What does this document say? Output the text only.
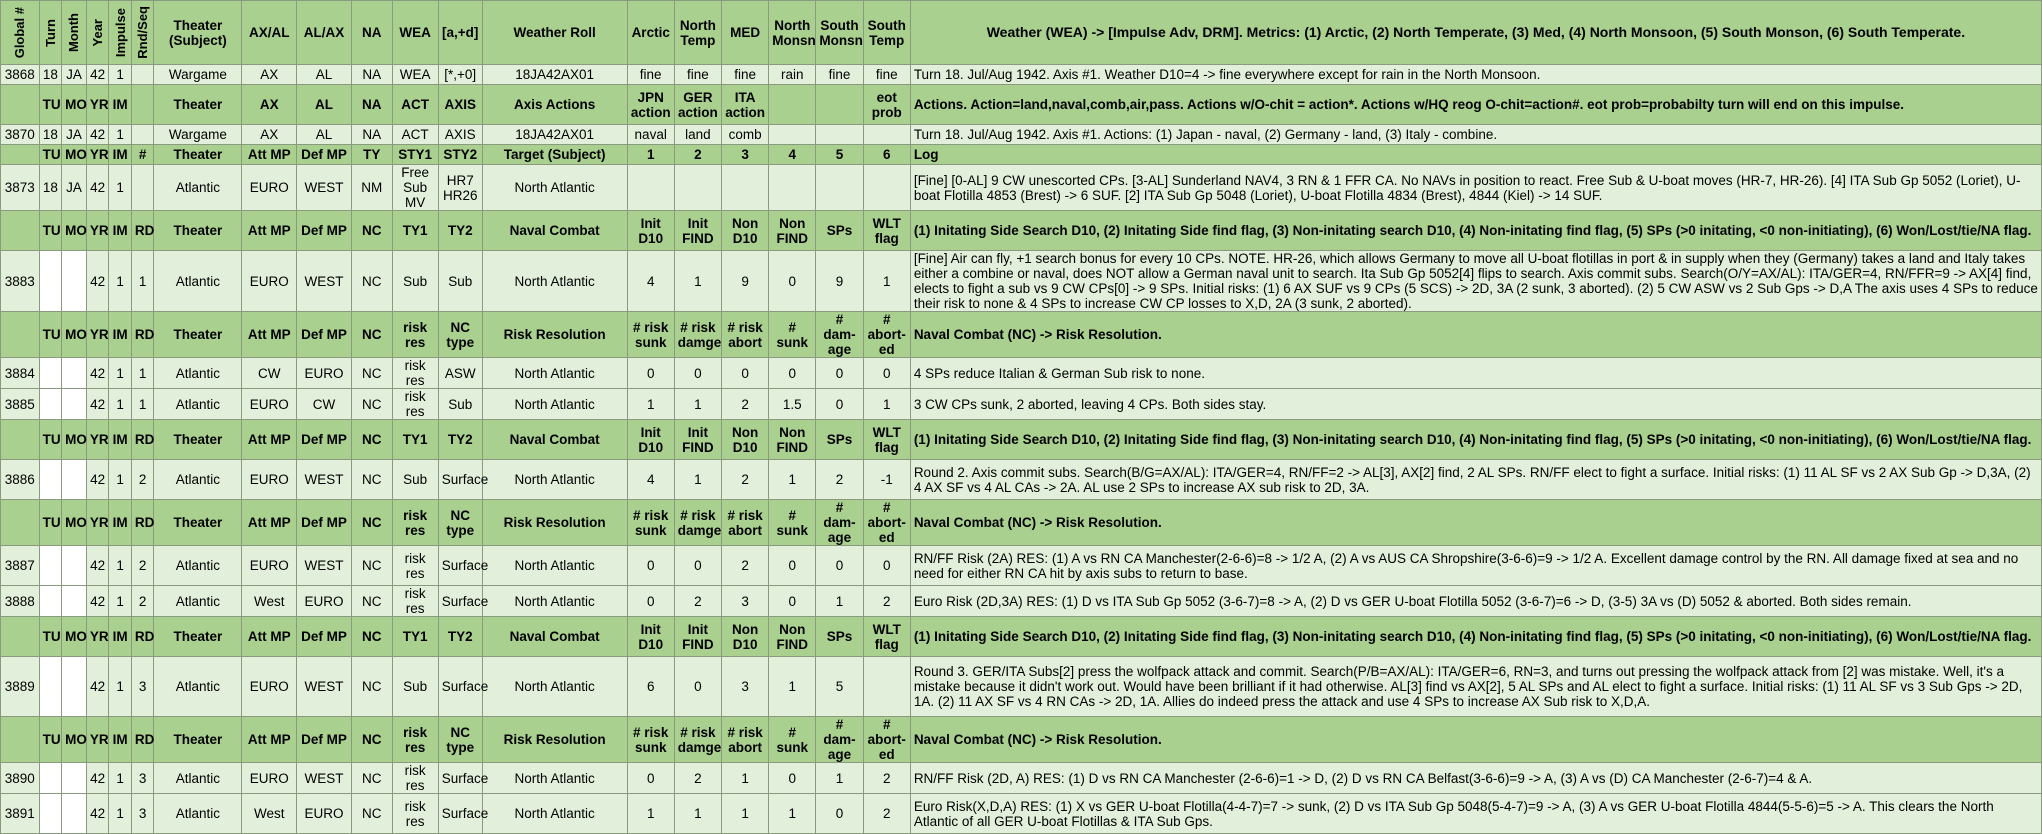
Global #	Turn	Month	Year	Impulse	Rnd/Seq	Theater (Subject)	AX/AL	AL/AX	NA	WEA	[a,+d]	Weather Roll	Arctic	North Temp	MED	North Monsn	South Monsn	South Temp	Weather (WEA) -> [Impulse Adv, DRM]. Metrics: (1) Arctic, (2) North Temperate, (3) Med, (4) North Monsoon, (5) South Monson, (6) South Temperate.
3868	18	JA	42	1		Wargame	AX	AL	NA	WEA	[*,+0]	18JA42AX01	fine	fine	fine	rain	fine	fine	Turn 18. Jul/Aug 1942. Axis #1. Weather D10=4 -> fine everywhere except for rain in the North Monsoon.
	TU	MO	YR	IM		Theater	AX	AL	NA	ACT	AXIS	Axis Actions	JPN action	GER action	ITA action			eot prob	Actions. Action=land,naval,comb,air,pass. Actions w/O-chit = action*. Actions w/HQ reog O-chit=action#. eot prob=probabilty turn will end on this impulse.
3870	18	JA	42	1		Wargame	AX	AL	NA	ACT	AXIS	18JA42AX01	naval	land	comb				Turn 18. Jul/Aug 1942. Axis #1. Actions: (1) Japan - naval, (2) Germany - land, (3) Italy - combine.
	TU	MO	YR	IM	#	Theater	Att MP	Def MP	TY	STY1	STY2	Target (Subject)	1	2	3	4	5	6	Log
3873	18	JA	42	1		Atlantic	EURO	WEST	NM	Free Sub MV	HR7 HR26	North Atlantic							[Fine] [0-AL] 9 CW unescorted CPs. [3-AL] Sunderland NAV4, 3 RN & 1 FFR CA. No NAVs in position to react. Free Sub & U-boat moves (HR-7, HR-26). [4] ITA Sub Gp 5052 (Loriet), U-boat Flotilla 4853 (Brest) -> 6 SUF. [2] ITA Sub Gp 5048 (Loriet), U-boat Flotilla 4834 (Brest), 4844 (Kiel) -> 14 SUF.
	TU	MO	YR	IM	RD	Theater	Att MP	Def MP	NC	TY1	TY2	Naval Combat	Init D10	Init FIND	Non D10	Non FIND	SPs	WLT flag	(1) Initating Side Search D10, (2) Initating Side find flag, (3) Non-initating search D10, (4) Non-initating find flag, (5) SPs (>0 initating, <0 non-initiating), (6) Won/Lost/tie/NA flag.
3883			42	1	1	Atlantic	EURO	WEST	NC	Sub	Sub	North Atlantic	4	1	9	0	9	1	[Fine] Air can fly, +1 search bonus for every 10 CPs. NOTE. HR-26, which allows Germany to move all U-boat flotillas in port & in supply when they (Germany) takes a land and Italy takes either a combine or naval, does NOT allow a German naval unit to search. Ita Sub Gp 5052[4] flips to search. Axis commit subs. Search(O/Y=AX/AL): ITA/GER=4, RN/FFR=9 -> AX[4] find, elects to fight a sub vs 9 CW CPs[0] -> 9 SPs. Initial risks: (1) 6 AX SUF vs 9 CPs (5 SCS) -> 2D, 3A (2 sunk, 3 aborted). (2) 5 CW ASW vs 2 Sub Gps -> D,A The axis uses 4 SPs to reduce their risk to none & 4 SPs to increase CW CP losses to X,D, 2A (3 sunk, 2 aborted).
	TU	MO	YR	IM	RD	Theater	Att MP	Def MP	NC	risk res	NC type	Risk Resolution	# risk sunk	# risk damge	# risk abort	# sunk	# dam- age	# abort- ed	Naval Combat (NC) -> Risk Resolution.
3884			42	1	1	Atlantic	CW	EURO	NC	risk res	ASW	North Atlantic	0	0	0	0	0	0	4 SPs reduce Italian & German Sub risk to none.
3885			42	1	1	Atlantic	EURO	CW	NC	risk res	Sub	North Atlantic	1	1	2	1.5	0	1	3 CW CPs sunk, 2 aborted, leaving 4 CPs. Both sides stay.
	TU	MO	YR	IM	RD	Theater	Att MP	Def MP	NC	TY1	TY2	Naval Combat	Init D10	Init FIND	Non D10	Non FIND	SPs	WLT flag	(1) Initating Side Search D10, (2) Initating Side find flag, (3) Non-initating search D10, (4) Non-initating find flag, (5) SPs (>0 initating, <0 non-initiating), (6) Won/Lost/tie/NA flag.
3886			42	1	2	Atlantic	EURO	WEST	NC	Sub	Surface	North Atlantic	4	1	2	1	2	-1	Round 2. Axis commit subs. Search(B/G=AX/AL): ITA/GER=4, RN/FF=2 -> AL[3], AX[2] find, 2 AL SPs. RN/FF elect to fight a surface. Initial risks: (1) 11 AL SF vs 2 AX Sub Gp -> D,3A, (2) 4 AX SF vs 4 AL CAs -> 2A. AL use 2 SPs to increase AX sub risk to 2D, 3A.
	TU	MO	YR	IM	RD	Theater	Att MP	Def MP	NC	risk res	NC type	Risk Resolution	# risk sunk	# risk damge	# risk abort	# sunk	# dam- age	# abort- ed	Naval Combat (NC) -> Risk Resolution.
3887			42	1	2	Atlantic	EURO	WEST	NC	risk res	Surface	North Atlantic	0	0	2	0	0	0	RN/FF Risk (2A) RES: (1) A vs RN CA Manchester(2-6-6)=8 -> 1/2 A, (2) A vs AUS CA Shropshire(3-6-6)=9 -> 1/2 A. Excellent damage control by the RN. All damage fixed at sea and no need for either RN CA hit by axis subs to return to base.
3888			42	1	2	Atlantic	West	EURO	NC	risk res	Surface	North Atlantic	0	2	3	0	1	2	Euro Risk (2D,3A) RES: (1) D vs ITA Sub Gp 5052 (3-6-7)=8 -> A, (2) D vs GER U-boat Flotilla 5052 (3-6-7)=6 -> D, (3-5) 3A vs (D) 5052 & aborted. Both sides remain.
	TU	MO	YR	IM	RD	Theater	Att MP	Def MP	NC	TY1	TY2	Naval Combat	Init D10	Init FIND	Non D10	Non FIND	SPs	WLT flag	(1) Initating Side Search D10, (2) Initating Side find flag, (3) Non-initating search D10, (4) Non-initating find flag, (5) SPs (>0 initating, <0 non-initiating), (6) Won/Lost/tie/NA flag.
3889			42	1	3	Atlantic	EURO	WEST	NC	Sub	Surface	North Atlantic	6	0	3	1	5		Round 3. GER/ITA Subs[2] press the wolfpack attack and commit. Search(P/B=AX/AL): ITA/GER=6, RN=3, and turns out pressing the wolfpack attack from [2] was mistake. Well, it's a mistake because it didn't work out. Would have been brilliant if it had otherwise. AL[3] find vs AX[2], 5 AL SPs and AL elect to fight a surface. Initial risks: (1) 11 AL SF vs 3 Sub Gps -> 2D, 1A. (2) 11 AX SF vs 4 RN CAs -> 2D, 1A. Allies do indeed press the attack and use 4 SPs to increase AX Sub risk to X,D,A.
	TU	MO	YR	IM	RD	Theater	Att MP	Def MP	NC	risk res	NC type	Risk Resolution	# risk sunk	# risk damge	# risk abort	# sunk	# dam- age	# abort- ed	Naval Combat (NC) -> Risk Resolution.
3890			42	1	3	Atlantic	EURO	WEST	NC	risk res	Surface	North Atlantic	0	2	1	0	1	2	RN/FF Risk (2D, A) RES: (1) D vs RN CA Manchester (2-6-6)=1 -> D, (2) D vs RN CA Belfast(3-6-6)=9 -> A, (3) A vs (D) CA Manchester (2-6-7)=4 & A.
3891			42	1	3	Atlantic	West	EURO	NC	risk res	Surface	North Atlantic	1	1	1	1	0	2	Euro Risk(X,D,A) RES: (1) X vs GER U-boat Flotilla(4-4-7)=7 -> sunk, (2) D vs ITA Sub Gp 5048(5-4-7)=9 -> A, (3) A vs GER U-boat Flotilla 4844(5-5-6)=5 -> A. This clears the North Atlantic of all GER U-boat Flotillas & ITA Sub Gps.
